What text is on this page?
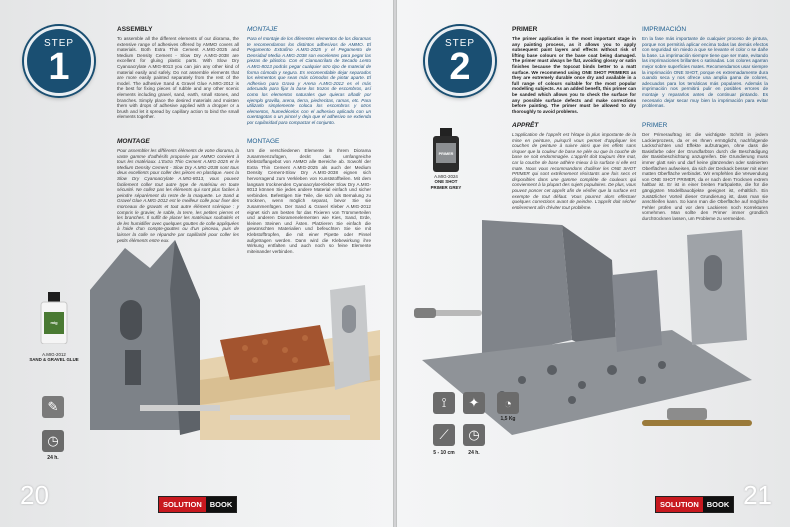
STEP
1
ASSEMBLY
To assemble all the different elements of our diorama, the extensive range of adhesives offered by AMMO covers all materials. Both Extra Thin Cement A.MIG-2025 and Medium Density Cement - Slow Dry A.MIG-2038 are excellent for gluing plastic parts. With Slow Dry Cyanoacrylate A.MIG-8013 you can join any other kind of material easily and safely. Do not assemble elements that are more easily painted separately from the rest of the model. The adhesive Sand & Gravel Glue A.MIG-2012 is the best for fixing pieces of rubble and any other scenic elements including gravel, sand, earth, small stones, and branches. Simply place the desired materials and moisten them with drops of adhesive applied with a dropper or a brush and let it spread by capillary action to bind the small elements together.
MONTAJE
Para el montaje de los diferentes elementos de los dioramas te recomendamos los distintos adhesivos de AMMO. El Pegamento Extrafino A.MIG-2025 y el Pegamento de Densidad Media A.MIG-2038 son excelentes para pegar las piezas de plástico. Con el Cianoacrilato de Secado Lento A.MIG-8013 podrás pegar cualquier otro tipo de material de forma cómoda y segura. Es recomendable dejar separados los elementos que sean más cómodos de pintar aparte. El Adhesivo para Grava y Arena A.MIG-2012 es el más adecuado para fijar la base los trozos de escombros, así como los elementos naturales que quieras añadir por ejemplo gravilla, arena, tierra, piedrecitas, ramas, etc. Para utilizarlo simplemente coloca los escombros y otros elementos, humedécelos con el adhesivo aplicado con un cuentagotas o un pincel y deja que el adhesivo se extienda por capilaridad para compactar el conjunto.
MONTAGE
Pour assembler les différents éléments de votre diorama, la vaste gamme d'adhésifs proposée par AMMO convient à tous les matériaux. L'Extra Thin Cement A.MIG-2025 et le Medium Density Cement - Slow Dry A.MIG-2038 sont tous deux excellents pour coller des pièces en plastique. Avec la Slow Dry Cyanoacrylate A.MIG-8013, vous pouvez facilement coller tout autre type de matériau en toute sécurité. Ne collez pas les éléments qui sont plus faciles à peindre séparément du reste de la maquette. Le Sand & Gravel Glue A.MIG-2012 est le meilleur colle pour fixer des morceaux de gravats et tout autre élément scénique : y compris le gravier, le sable, la terre, les petites pierres et les branches. Il suffit de placer les matériaux souhaités et de les humidifier avec quelques gouttes de colle appliquées à l'aide d'un compte-gouttes ou d'un pinceau, puis de laisser la colle se répandre par capillarité pour coller les petits éléments entre eux.
MONTAGE
Um die verschiedenen Elemente in Ihrem Diorama zusammenzufügen, deckt das umfangreiche Klebstoffangebot von AMMO alle Bereiche ab. Sowohl der Extra Thin Cement A.MIG-2025 als auch der Medium Density Cement-Slow Dry A.MIG-2038 eignen sich hervorragend zum Verkleben von Kunststoffteilen. Mit dem langsam trocknenden Cyanoacrylat-Kleber Slow Dry A.MIG-8013 können Sie jedes andere Material einfach und sicher verbinden. Befestigen Sie Teile, die sich als Bemalung zu trocknen, wenn möglich separat, bevor Sie sie zusammenfügen. Der Sand & Gravel Kleber A.MIG-2012 eignet sich am besten für das Fixieren von Trümmerteilen und anderen Dioramenelementen wie Kies, Sand, Erde, kleinen Steinen und Ästen. Platzieren Sie einfach die gewünschten Materialien und befeuchten Sie sie mit Klebstofftropfen, die mit einer Pipette oder Pinsel aufgetragen werden. Dann wird die Klebewirkung ihre Wirkung entfalten und auch noch so feine Elemente miteinander verbinden.
mig
A.MIG-2012
SAND & GRAVEL GLUE
✎
◷
24 h.
20	SOLUTION	BOOK
STEP
2
PRIMER
The primer application is the most important stage in any painting process, as it allows you to apply subsequent paint layers and effects without risk of lifting base colours or the base coat being damaged. The primer must always be flat, avoiding glossy or satin finishes because the topcoat binds better to a matt surface. We recommend using ONE SHOT PRIMERS as they are extremely durable once dry and available in a full range of colours suitable for the most popular modelling subjects. As an added benefit, this primer can be sanded which allows you to check the surface for any possible surface defects and make corrections before painting. The primer must be allowed to dry thoroughly to avoid problems.
IMPRIMACIÓN
En la fase más importante de cualquier proceso de pintura, porque nos permitirá aplicar encima todas las demás efectos con seguridad sin miedo a que se levante el color o se dañe la base. La imprimación siempre tiene que ser mate, evitando las imprimaciones brillantes o satinadas. Los colores agarran mejor sobre superficies mates. Recomendamos usar siempre la imprimación ONE SHOT, porque es extremadamente dura cuando seca y nos ofrece una amplia gama de colores, adecuados para los temáticas más populares. Además la imprimación nos permitirá pulir en posibles errores de montaje y repararlos antes de continuar pintando. Es necesario dejar secar muy bien la imprimación para evitar problemas.
APPRÊT
L'application de l'apprêt est l'étape la plus importante de la mise en peinture, puisqu'il vous permet d'appliquer les couches de peinture à suivre ainsi que les effets sans risquer que la couleur de base ne pèle ou que la couche de base ne soit endommagée. L'apprêt doit toujours être mat, car la couche de base adhère mieux à la surface si elle est mate. Nous vous recommandons d'utiliser les ONE SHOT PRIMER qui sont extrêmement résistants une fois secs et disponibles dans une gamme complète de couleurs qui conviennent à la plupart des sujets populaires. De plus, vous pouvez poncer cet apprêt afin de vérifier que la surface est exempte de tout défaut. Vous pourrez alors effectuer quelques corrections avant de peindre. L'apprêt doit sécher entièrement afin d'éviter tout problème.
PRIMER
Der Primerauftrag ist die wichtigste Schritt in jedem Lackierprozess, da er es Ihnen ermöglicht, nachfolgende Lackschichten und Effekte aufzutragen, ohne dass die Basisfarbe oder der Grundfarbton durch die Beschädigung der Basisbeschichtung anzugreifen. Die Grundierung muss immer glatt sein und darf keine glänzenden oder satinierten Oberflächen aufweisen, da sich der Deckack besser mit einer matten Oberfläche verbindet. Wir empfehlen die Verwendung von ONE SHOT PRIMER, da er nach dem Trocknen extrem haltbar ist. Er ist in einer breiten Farbpalette, die für die gängigsten Modellbauobjekte geeignet ist, erhältlich. Ein zusätzlicher Vorteil dieser Grundierung ist, dass man sie anschleifen kann. So kann man die Oberfläche auf mögliche Fehler prüfen und vor dem Lackieren noch Korrekturen vornehmen. Man sollte den Primer immer gründlich durchtrocknen lassen, um Probleme zu vermeiden.
PRIMER
A.MIG-2024
ONE SHOT
PRIMER GREY
⟟	✦	◔
1,5 Kg
⟋	◷
5 - 10 cm	24 h.
21
SOLUTION	BOOK
